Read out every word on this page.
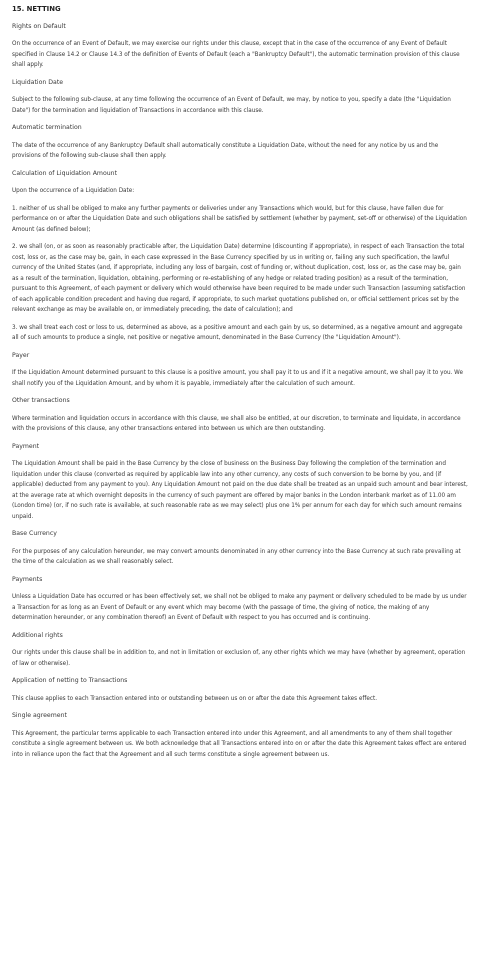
15. NETTING
Rights on Default
On the occurrence of an Event of Default, we may exercise our rights under this clause, except that in the case of the occurrence of any Event of Default specified in Clause 14.2 or Clause 14.3 of the definition of Events of Default (each a "Bankruptcy Default"), the automatic termination provision of this clause shall apply.
Liquidation Date
Subject to the following sub-clause, at any time following the occurrence of an Event of Default, we may, by notice to you, specify a date (the "Liquidation Date") for the termination and liquidation of Transactions in accordance with this clause.
Automatic termination
The date of the occurrence of any Bankruptcy Default shall automatically constitute a Liquidation Date, without the need for any notice by us and the provisions of the following sub-clause shall then apply.
Calculation of Liquidation Amount
Upon the occurrence of a Liquidation Date:
1. neither of us shall be obliged to make any further payments or deliveries under any Transactions which would, but for this clause, have fallen due for performance on or after the Liquidation Date and such obligations shall be satisfied by settlement (whether by payment, set-off or otherwise) of the Liquidation Amount (as defined below);
2. we shall (on, or as soon as reasonably practicable after, the Liquidation Date) determine (discounting if appropriate), in respect of each Transaction the total cost, loss or, as the case may be, gain, in each case expressed in the Base Currency specified by us in writing or, failing any such specification, the lawful currency of the United States (and, if appropriate, including any loss of bargain, cost of funding or, without duplication, cost, loss or, as the case may be, gain as a result of the termination, liquidation, obtaining, performing or re-establishing of any hedge or related trading position) as a result of the termination, pursuant to this Agreement, of each payment or delivery which would otherwise have been required to be made under such Transaction (assuming satisfaction of each applicable condition precedent and having due regard, if appropriate, to such market quotations published on, or official settlement prices set by the relevant exchange as may be available on, or immediately preceding, the date of calculation); and
3. we shall treat each cost or loss to us, determined as above, as a positive amount and each gain by us, so determined, as a negative amount and aggregate all of such amounts to produce a single, net positive or negative amount, denominated in the Base Currency (the "Liquidation Amount").
Payer
If the Liquidation Amount determined pursuant to this clause is a positive amount, you shall pay it to us and if it a negative amount, we shall pay it to you. We shall notify you of the Liquidation Amount, and by whom it is payable, immediately after the calculation of such amount.
Other transactions
Where termination and liquidation occurs in accordance with this clause, we shall also be entitled, at our discretion, to terminate and liquidate, in accordance with the provisions of this clause, any other transactions entered into between us which are then outstanding.
Payment
The Liquidation Amount shall be paid in the Base Currency by the close of business on the Business Day following the completion of the termination and liquidation under this clause (converted as required by applicable law into any other currency, any costs of such conversion to be borne by you, and (if applicable) deducted from any payment to you). Any Liquidation Amount not paid on the due date shall be treated as an unpaid such amount and bear interest, at the average rate at which overnight deposits in the currency of such payment are offered by major banks in the London interbank market as of 11.00 am (London time) (or, if no such rate is available, at such reasonable rate as we may select) plus one 1% per annum for each day for which such amount remains unpaid.
Base Currency
For the purposes of any calculation hereunder, we may convert amounts denominated in any other currency into the Base Currency at such rate prevailing at the time of the calculation as we shall reasonably select.
Payments
Unless a Liquidation Date has occurred or has been effectively set, we shall not be obliged to make any payment or delivery scheduled to be made by us under a Transaction for as long as an Event of Default or any event which may become (with the passage of time, the giving of notice, the making of any determination hereunder, or any combination thereof) an Event of Default with respect to you has occurred and is continuing.
Additional rights
Our rights under this clause shall be in addition to, and not in limitation or exclusion of, any other rights which we may have (whether by agreement, operation of law or otherwise).
Application of netting to Transactions
This clause applies to each Transaction entered into or outstanding between us on or after the date this Agreement takes effect.
Single agreement
This Agreement, the particular terms applicable to each Transaction entered into under this Agreement, and all amendments to any of them shall together constitute a single agreement between us. We both acknowledge that all Transactions entered into on or after the date this Agreement takes effect are entered into in reliance upon the fact that the Agreement and all such terms constitute a single agreement between us.
